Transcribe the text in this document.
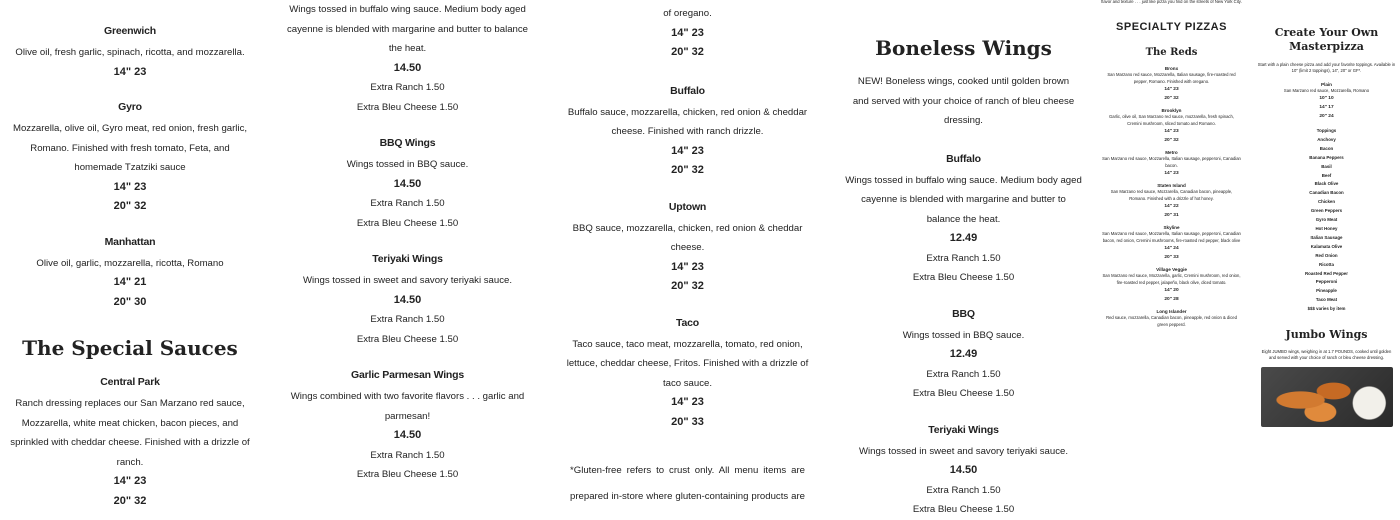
Greenwich
Olive oil, fresh garlic, spinach, ricotta, and mozzarella.
14" 23
Gyro
Mozzarella, olive oil, Gyro meat, red onion, fresh garlic, Romano. Finished with fresh tomato, Feta, and homemade Tzatziki sauce
14" 23
20" 32
Manhattan
Olive oil, garlic, mozzarella, ricotta, Romano
14" 21
20" 30
The Special Sauces
Central Park
Ranch dressing replaces our San Marzano red sauce, Mozzarella, white meat chicken, bacon pieces, and sprinkled with cheddar cheese. Finished with a drizzle of ranch.
14" 23
20" 32
Wings tossed in buffalo wing sauce. Medium body aged cayenne is blended with margarine and butter to balance the heat.
14.50
Extra Ranch 1.50
Extra Bleu Cheese 1.50
BBQ Wings
Wings tossed in BBQ sauce.
14.50
Extra Ranch 1.50
Extra Bleu Cheese 1.50
Teriyaki Wings
Wings tossed in sweet and savory teriyaki sauce.
14.50
Extra Ranch 1.50
Extra Bleu Cheese 1.50
Garlic Parmesan Wings
Wings combined with two favorite flavors . . . garlic and parmesan!
14.50
Extra Ranch 1.50
Extra Bleu Cheese 1.50
of oregano.
14" 23
20" 32
Buffalo
Buffalo sauce, mozzarella, chicken, red onion & cheddar cheese. Finished with ranch drizzle.
14" 23
20" 32
Uptown
BBQ sauce, mozzarella, chicken, red onion & cheddar cheese.
14" 23
20" 32
Taco
Taco sauce, taco meat, mozzarella, tomato, red onion, lettuce, cheddar cheese, Fritos. Finished with a drizzle of taco sauce.
14" 23
20" 33
*Gluten-free refers to crust only. All menu items are prepared in-store where gluten-containing products are
Boneless Wings
NEW! Boneless wings, cooked until golden brown and served with your choice of ranch of bleu cheese dressing.
Buffalo
Wings tossed in buffalo wing sauce. Medium body aged cayenne is blended with margarine and butter to balance the heat.
12.49
Extra Ranch 1.50
Extra Bleu Cheese 1.50
BBQ
Wings tossed in BBQ sauce.
12.49
Extra Ranch 1.50
Extra Bleu Cheese 1.50
Teriyaki Wings
Wings tossed in sweet and savory teriyaki sauce.
14.50
Extra Ranch 1.50
Extra Bleu Cheese 1.50
flavor and texture . . . just like pizza you find on the streets of New York City.
SPECIALTY PIZZAS
The Reds
Bronx
San Marzano red sauce, Mozzarella, Italian sausage, fire-roasted red pepper, Romano. Finished with oregano.
14" 23
20" 32
Brooklyn
Garlic, olive oil, San Marzano red sauce, mozzarella, fresh spinach, Cremini mushroom, sliced tomato and Romano.
14" 23
20" 32
Metro
San Marzano red sauce, Mozzarella, Italian sausage, pepperoni, Canadian bacon.
14" 23
Staten Island
San Marzano red sauce, Mozzarella, Canadian bacon, pineapple, Romano. Finished with a drizzle of hot honey.
14" 22
20" 31
Skyline
San Marzano red sauce, Mozzarella, Italian sausage, pepperoni, Canadian bacon, red onion, Cremini mushrooms, fire-roasted red pepper, black olive
14" 24
20" 33
Village Veggie
San Marzano red sauce, Mozzarella, garlic, Cremini mushroom, red onion, fire-roasted red pepper, jalapeño, black olive, diced tomato.
14" 20
20" 28
Long Islander
Red sauce, mozzarella, Canadian bacon, pineapple, red onion & diced green pepperd.
Create Your Own Masterpizza
Start with a plain cheese pizza and add your favorite toppings. Available in 10" (limit 2 toppings), 14", 20" or GF*.
Plain
San Marzano red sauce, Mozzarella, Romano
10" 10
14" 17
20" 24
Toppings
Anchovy
Bacon
Banana Peppers
Basil
Beef
Black Olive
Canadian Bacon
Chicken
Green Peppers
Gyro Meat
Hot Honey
Italian Sausage
Kalamata Olive
Red Onion
Ricotta
Roasted Red Pepper
Pepperoni
Pineapple
Taco Meat
$$$ varies by item
Jumbo Wings
Eight JUMBO wings, weighing in at 1.7 POUNDS, cooked until golden and served with your choice of ranch or bleu cheese dressing.
